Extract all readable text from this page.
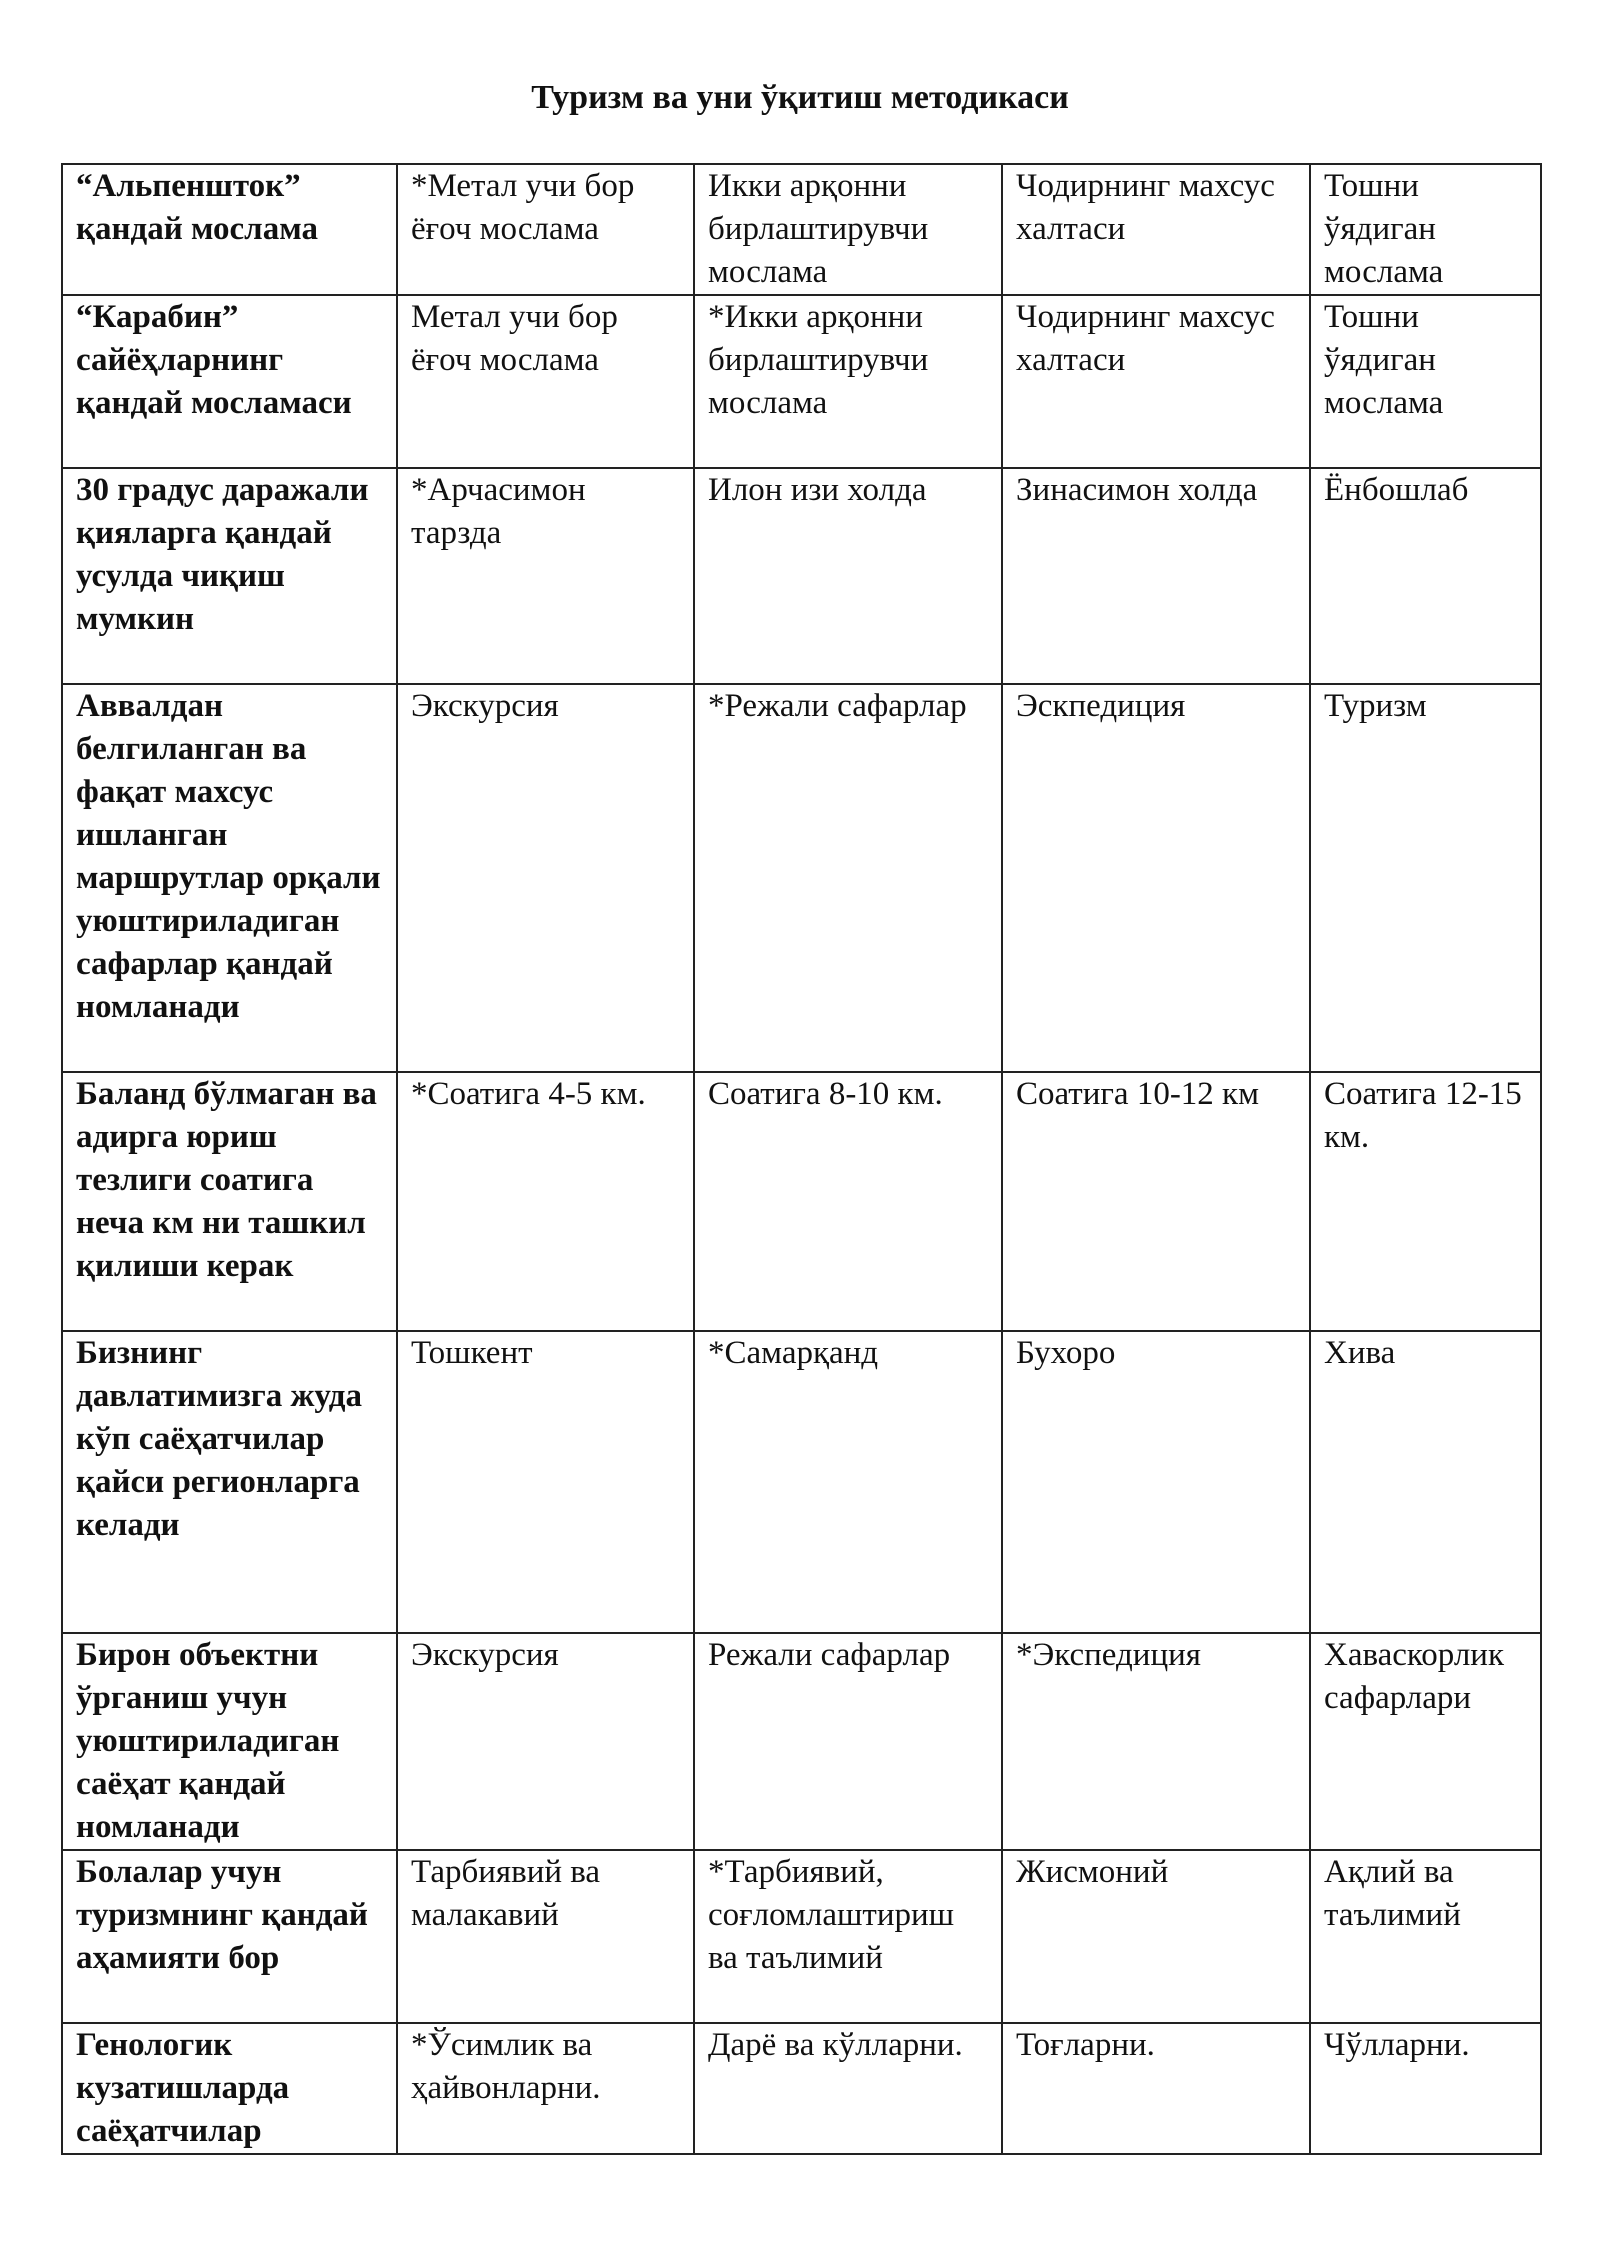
Туризм ва уни ўқитиш методикаси
“Альпеншток” қандай мослама	*Метал учи бор ёғоч мослама	Икки арқонни бирлаштирувчи мослама	Чодирнинг махсус халтаси	Тошни ўядиган мослама
“Карабин” сайёҳларнинг қандай мосламаси	Метал учи бор ёғоч мослама	*Икки арқонни бирлаштирувчи мослама	Чодирнинг махсус халтаси	Тошни ўядиган мослама
30 градус даражали қияларга қандай усулда чиқиш мумкин	*Арчасимон тарзда	Илон изи холда	Зинасимон холда	Ёнбошлаб
Аввалдан белгиланган ва фақат махсус ишланган маршрутлар орқали уюштириладиган сафарлар қандай номланади	Экскурсия	*Режали сафарлар	Эскпедиция	Туризм
Баланд бўлмаган ва адирга юриш тезлиги соатига неча км ни ташкил қилиши керак	*Соатига 4-5 км.	Соатига 8-10 км.	Соатига 10-12 км	Соатига 12-15 км.
Бизнинг давлатимизга жуда кўп саёҳатчилар қайси регионларга келади	Тошкент	*Самарқанд	Бухоро	Хива
Бирон объектни ўрганиш учун уюштириладиган саёҳат қандай номланади	Экскурсия	Режали сафарлар	*Экспедиция	Хаваскорлик сафарлари
Болалар учун туризмнинг қандай аҳамияти бор	Тарбиявий ва малакавий	*Тарбиявий, соғломлаштириш ва таълимий	Жисмоний	Ақлий ва таълимий
Генологик кузатишларда саёҳатчилар	*Ўсимлик ва ҳайвонларни.	Дарё ва кўлларни.	Тоғларни.	Чўлларни.
